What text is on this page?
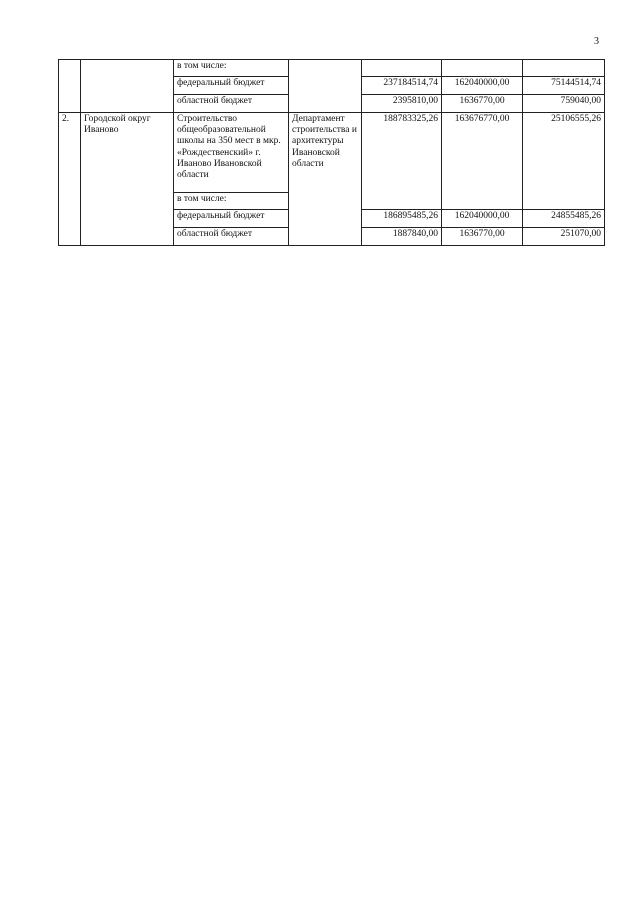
3
		в том числе:				
		федеральный бюджет		237184514,74	162040000,00	75144514,74
		областной бюджет		2395810,00	1636770,00	759040,00
2.	Городской округ Иваново	Строительство общеобразовательной школы на 350 мест в мкр. «Рождественский» г. Иваново Ивановской области	Департамент строительства и архитектуры Ивановской области	188783325,26	163676770,00	25106555,26
		в том числе:				
		федеральный бюджет		186895485,26	162040000,00	24855485,26
		областной бюджет		1887840,00	1636770,00	251070,00
